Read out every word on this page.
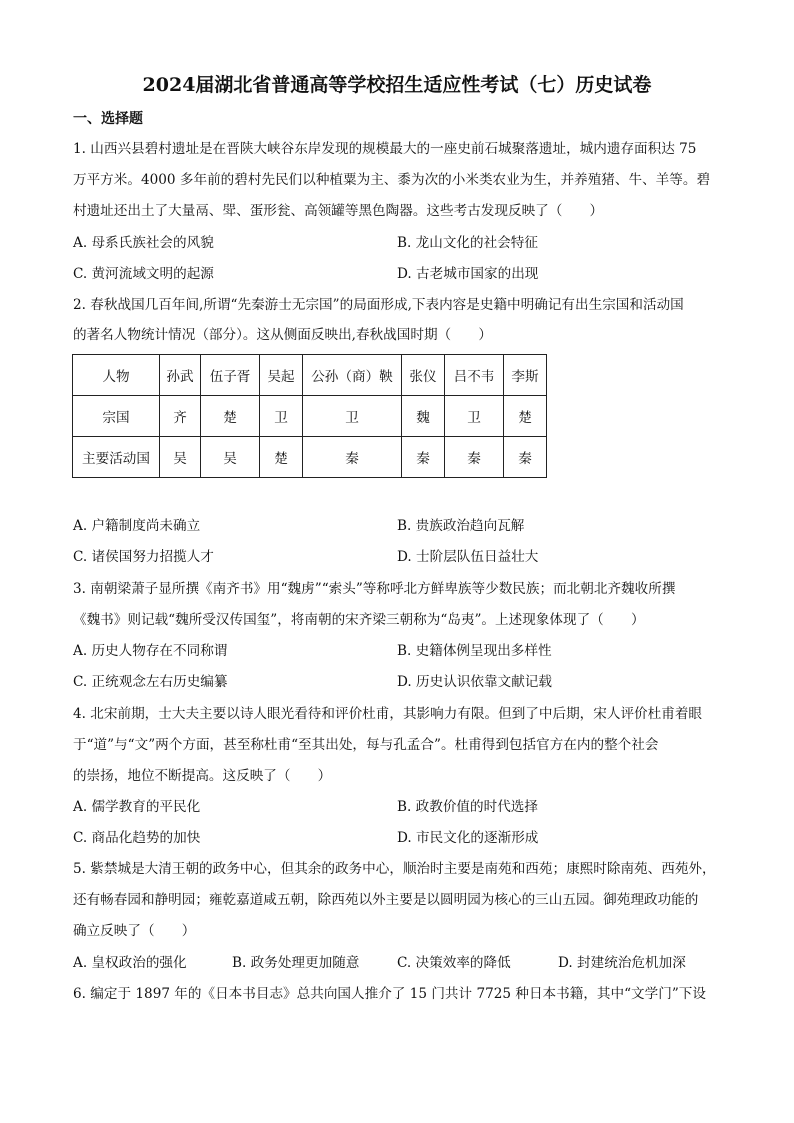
2024届湖北省普通高等学校招生适应性考试（七）历史试卷
一、选择题
1. 山西兴县碧村遗址是在晋陕大峡谷东岸发现的规模最大的一座史前石城聚落遗址，城内遗存面积达 75
万平方米。4000 多年前的碧村先民们以种植粟为主、黍为次的小米类农业为生，并养殖猪、牛、羊等。碧
村遗址还出土了大量鬲、斝、蛋形瓮、高领罐等黑色陶器。这些考古发现反映了（　　）
A. 母系氏族社会的风貌	B. 龙山文化的社会特征
C. 黄河流域文明的起源	D. 古老城市国家的出现
2. 春秋战国几百年间,所谓“先秦游士无宗国”的局面形成,下表内容是史籍中明确记有出生宗国和活动国
的著名人物统计情况（部分）。这从侧面反映出,春秋战国时期（　　）
人物	孙武	伍子胥	吴起	公孙（商）鞅	张仪	吕不韦	李斯
宗国	齐	楚	卫	卫	魏	卫	楚
主要活动国	吴	吴	楚	秦	秦	秦	秦
A. 户籍制度尚未确立	B. 贵族政治趋向瓦解
C. 诸侯国努力招揽人才	D. 士阶层队伍日益壮大
3. 南朝梁萧子显所撰《南齐书》用“魏虏”“索头”等称呼北方鲜卑族等少数民族；而北朝北齐魏收所撰
《魏书》则记载“魏所受汉传国玺”，将南朝的宋齐梁三朝称为“岛夷”。上述现象体现了（　　）
A. 历史人物存在不同称谓	B. 史籍体例呈现出多样性
C. 正统观念左右历史编纂	D. 历史认识依靠文献记载
4. 北宋前期，士大夫主要以诗人眼光看待和评价杜甫，其影响力有限。但到了中后期，宋人评价杜甫着眼
于“道”与“文”两个方面，甚至称杜甫“至其出处，每与孔孟合”。杜甫得到包括官方在内的整个社会
的崇扬，地位不断提高。这反映了（　　）
A. 儒学教育的平民化	B. 政教价值的时代选择
C. 商品化趋势的加快	D. 市民文化的逐渐形成
5. 紫禁城是大清王朝的政务中心，但其余的政务中心，顺治时主要是南苑和西苑；康熙时除南苑、西苑外，
还有畅春园和静明园；雍乾嘉道咸五朝，除西苑以外主要是以圆明园为核心的三山五园。御苑理政功能的
确立反映了（　　）
A. 皇权政治的强化	B. 政务处理更加随意	C. 决策效率的降低	D. 封建统治危机加深
6. 编定于 1897 年的《日本书目志》总共向国人推介了 15 门共计 7725 种日本书籍，其中“文学门”下设
